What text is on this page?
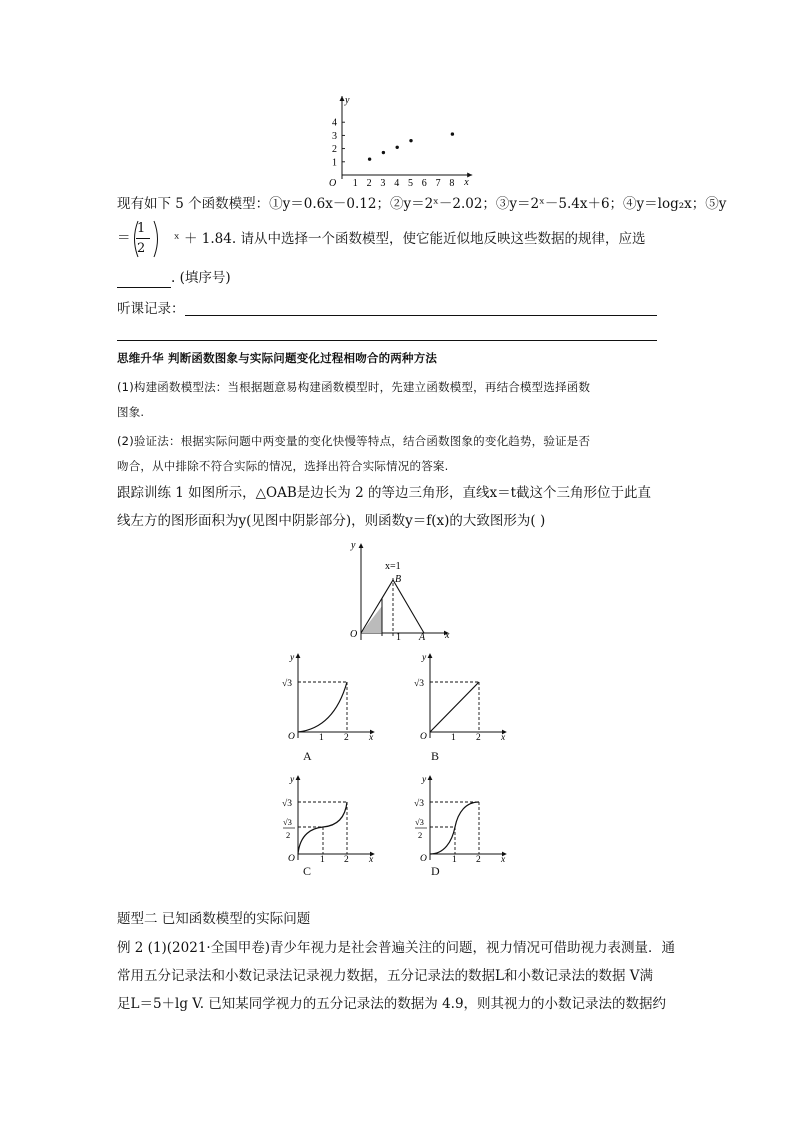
1 2 3 4 5 6 7 8
1
2
3
4
O	x
y
现有如下 5 个函数模型：①y＝0.6x－0.12；②y＝2ˣ－2.02；③y＝2ˣ－5.4x＋6；④y＝log₂x；⑤y
＝
1
2
ˣ ＋ 1.84. 请从中选择一个函数模型，使它能近似地反映这些数据的规律，应选
. (填序号)
听课记录：
思维升华 判断函数图象与实际问题变化过程相吻合的两种方法
(1)构建函数模型法：当根据题意易构建函数模型时，先建立函数模型，再结合模型选择函数
图象.
(2)验证法：根据实际问题中两变量的变化快慢等特点，结合函数图象的变化趋势，验证是否
吻合，从中排除不符合实际的情况，选择出符合实际情况的答案.
跟踪训练 1 如图所示，△OAB是边长为 2 的等边三角形，直线x＝t截这个三角形位于此直
线左方的图形面积为y(见图中阴影部分)，则函数y＝f(x)的大致图形为( )
x=1
B
O	1 A x
y
√3
y
O	1 2 x
A
√3
y
O	1 2 x
B
√3
√3
2
y
O	1 2 x
C
√3
√3
2
y
O	1 2 x
D
题型二 已知函数模型的实际问题
例 2 (1)(2021·全国甲卷)青少年视力是社会普遍关注的问题，视力情况可借助视力表测量．通
常用五分记录法和小数记录法记录视力数据，五分记录法的数据L和小数记录法的数据 V满
足L＝5＋lg V. 已知某同学视力的五分记录法的数据为 4.9，则其视力的小数记录法的数据约
